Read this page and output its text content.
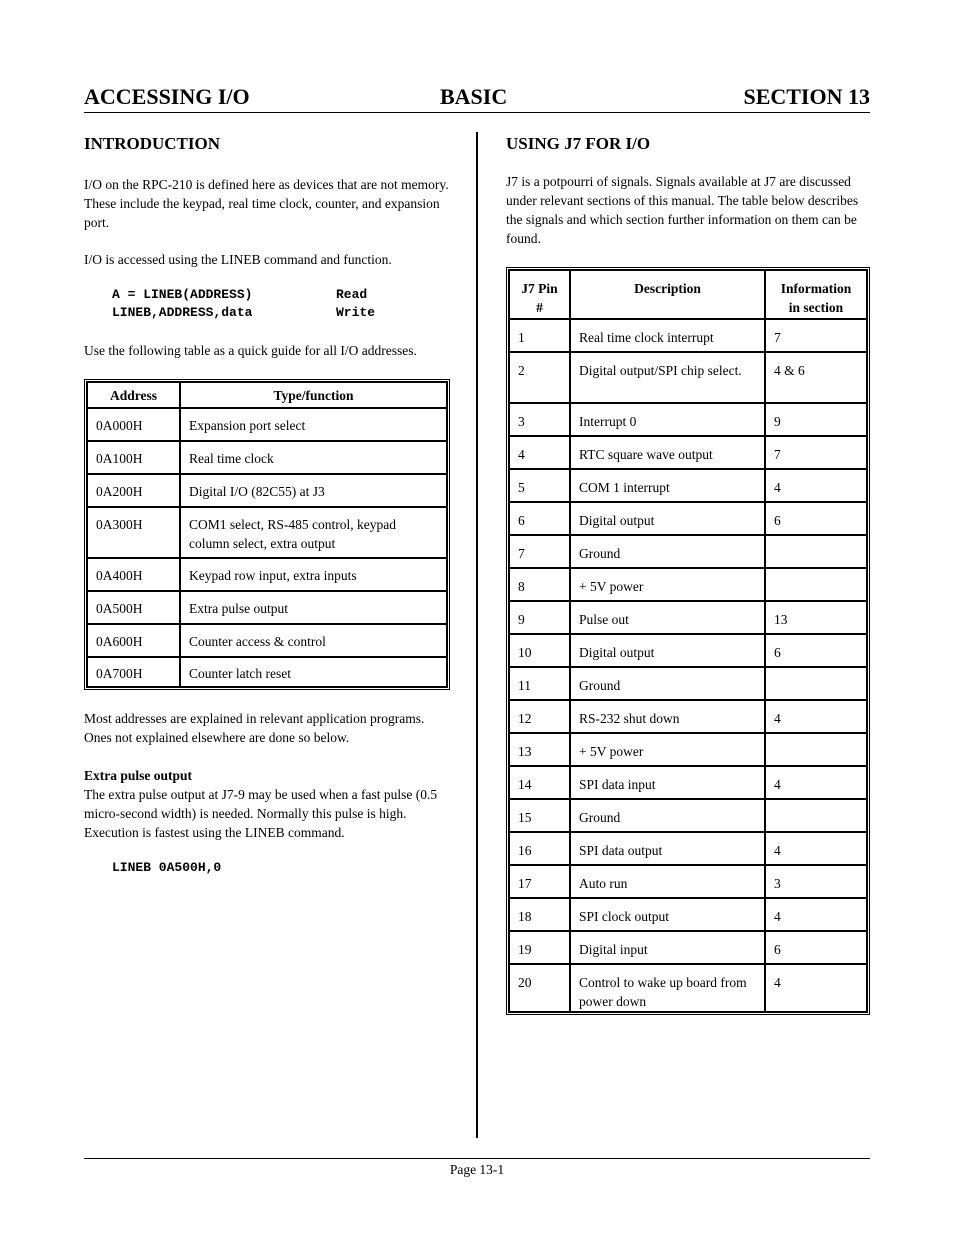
ACCESSING I/O	BASIC	SECTION 13
INTRODUCTION

I/O on the RPC-210 is defined here as devices that are not memory. These include the keypad, real time clock, counter, and expansion port.

I/O is accessed using the LINEB command and function.

A = LINEB(ADDRESS)	Read
LINEB,ADDRESS,data	Write

Use the following table as a quick guide for all I/O addresses.

Address	Type/function
0A000H	Expansion port select
0A100H	Real time clock
0A200H	Digital I/O (82C55) at J3
0A300H	COM1 select, RS-485 control, keypad column select, extra output
0A400H	Keypad row input, extra inputs
0A500H	Extra pulse output
0A600H	Counter access & control
0A700H	Counter latch reset

Most addresses are explained in relevant application programs. Ones not explained elsewhere are done so below.

Extra pulse output

The extra pulse output at J7-9 may be used when a fast pulse (0.5 micro-second width) is needed. Normally this pulse is high. Execution is fastest using the LINEB command.

LINEB 0A500H,0
USING J7 FOR I/O

J7 is a potpourri of signals. Signals available at J7 are discussed under relevant sections of this manual. The table below describes the signals and which section further information on them can be found.

J7 Pin #	Description	Information in section
1	Real time clock interrupt	7
2	Digital output/SPI chip select.	4 & 6
3	Interrupt 0	9
4	RTC square wave output	7
5	COM 1 interrupt	4
6	Digital output	6
7	Ground	
8	+ 5V power	
9	Pulse out	13
10	Digital output	6
11	Ground	
12	RS-232 shut down	4
13	+ 5V power	
14	SPI data input	4
15	Ground	
16	SPI data output	4
17	Auto run	3
18	SPI clock output	4
19	Digital input	6
20	Control to wake up board from power down	4
Page 13-1
